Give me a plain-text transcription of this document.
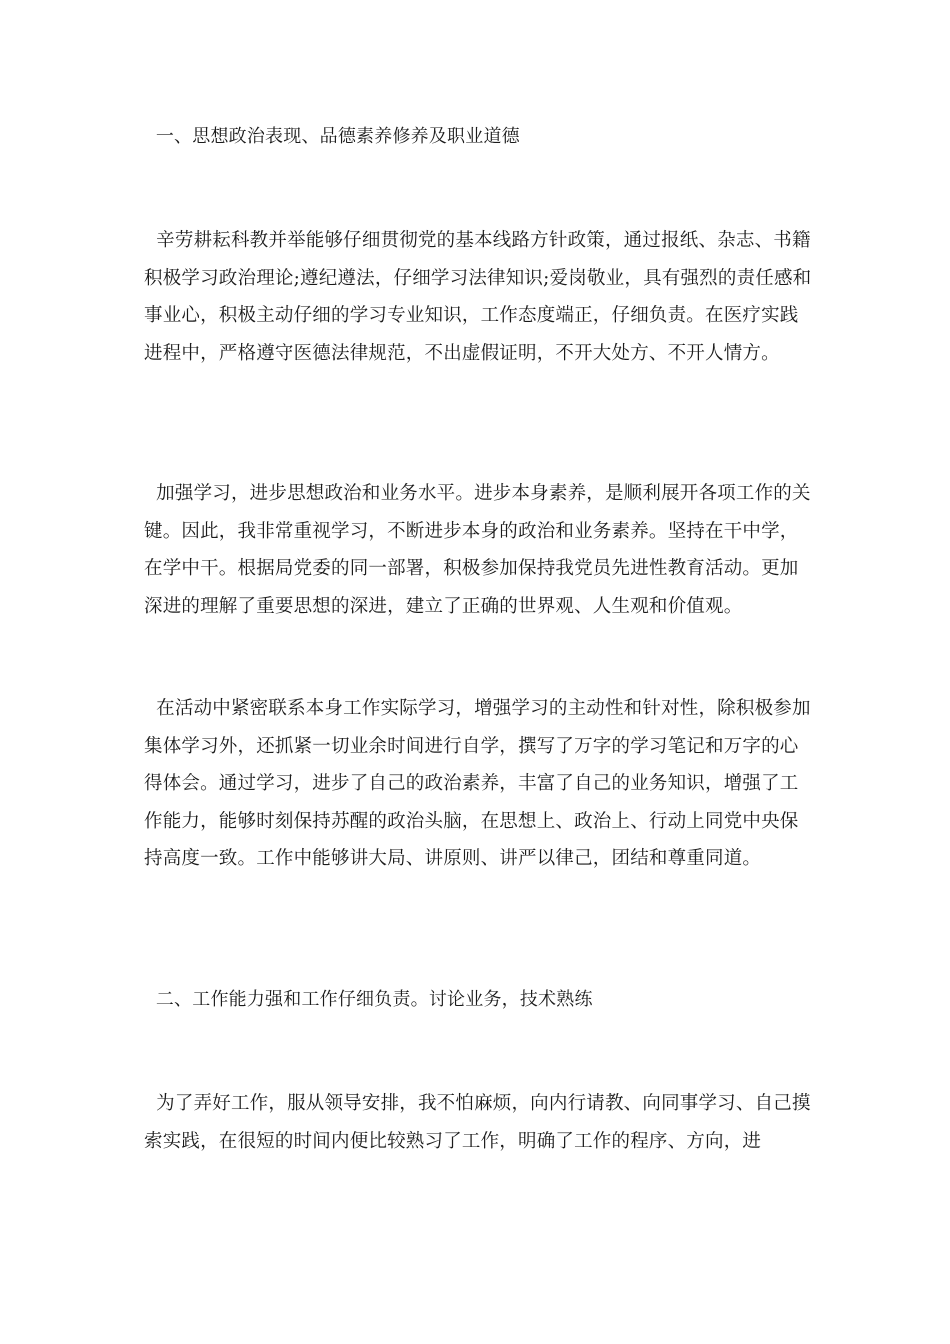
一、思想政治表现、品德素养修养及职业道德
辛劳耕耘科教并举能够仔细贯彻党的基本线路方针政策，通过报纸、杂志、书籍积极学习政治理论;遵纪遵法，仔细学习法律知识;爱岗敬业，具有强烈的责任感和事业心，积极主动仔细的学习专业知识，工作态度端正，仔细负责。在医疗实践进程中，严格遵守医德法律规范，不出虚假证明，不开大处方、不开人情方。
加强学习，进步思想政治和业务水平。进步本身素养，是顺利展开各项工作的关键。因此，我非常重视学习，不断进步本身的政治和业务素养。坚持在干中学，在学中干。根据局党委的同一部署，积极参加保持我党员先进性教育活动。更加深进的理解了重要思想的深进，建立了正确的世界观、人生观和价值观。
在活动中紧密联系本身工作实际学习，增强学习的主动性和针对性，除积极参加集体学习外，还抓紧一切业余时间进行自学，撰写了万字的学习笔记和万字的心得体会。通过学习，进步了自己的政治素养，丰富了自己的业务知识，增强了工作能力，能够时刻保持苏醒的政治头脑，在思想上、政治上、行动上同党中央保持高度一致。工作中能够讲大局、讲原则、讲严以律己，团结和尊重同道。
二、工作能力强和工作仔细负责。讨论业务，技术熟练
为了弄好工作，服从领导安排，我不怕麻烦，向内行请教、向同事学习、自己摸索实践，在很短的时间内便比较熟习了工作，明确了工作的程序、方向，进
